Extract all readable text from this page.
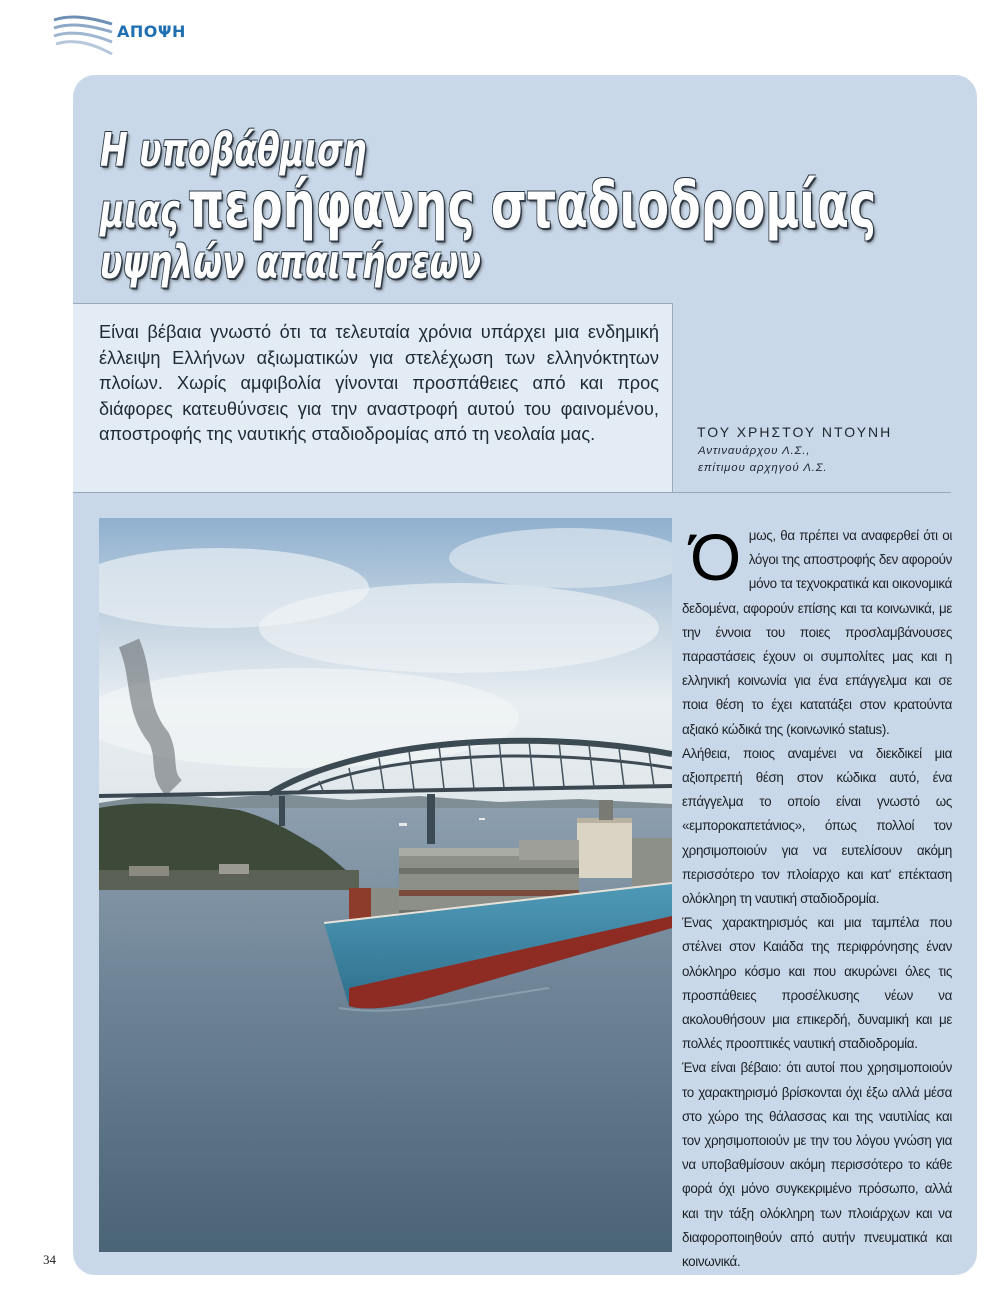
ΑΠΟΨΗ
Η υποβάθμιση
μιας περήφανης σταδιοδρομίας
υψηλών απαιτήσεων

Είναι βέβαια γνωστό ότι τα τελευταία χρόνια υπάρχει μια ενδημική έλλειψη Ελλήνων αξιωματικών για στελέχωση των ελληνόκτητων πλοίων. Χωρίς αμφιβολία γίνονται προσπάθειες από και προς διάφορες κατευθύνσεις για την αναστροφή αυτού του φαινομένου, αποστροφής της ναυτικής σταδιοδρομίας από τη νεολαία μας.	ΤΟΥ ΧΡΗΣΤΟΥ ΝΤΟΥΝΗ
Αντιναυάρχου Λ.Σ.,
επίτιμου αρχηγού Λ.Σ.
Ό μως, θα πρέπει να αναφερθεί ότι οι λόγοι της αποστροφής δεν αφορούν μόνο τα τεχνοκρατικά και οικονομικά δεδομένα, αφορούν επίσης και τα κοινωνικά, με την έννοια του ποιες προσλαμβάνουσες παραστάσεις έχουν οι συμπολίτες μας και η ελληνική κοινωνία για ένα επάγγελμα και σε ποια θέση το έχει κατατάξει στον κρατούντα αξιακό κώδικά της (κοινωνικό status).

Αλήθεια, ποιος αναμένει να διεκδικεί μια αξιοπρεπή θέση στον κώδικα αυτό, ένα επάγγελμα το οποίο είναι γνωστό ως «εμποροκαπετάνιος», όπως πολλοί τον χρησιμοποιούν για να ευτελίσουν ακόμη περισσότερο τον πλοίαρχο και κατ' επέκταση ολόκληρη τη ναυτική σταδιοδρομία.

Ένας χαρακτηρισμός και μια ταμπέλα που στέλνει στον Καιάδα της περιφρόνησης έναν ολόκληρο κόσμο και που ακυρώνει όλες τις προσπάθειες προσέλκυσης νέων να ακολουθήσουν μια επικερδή, δυναμική και με πολλές προοπτικές ναυτική σταδιοδρομία.

Ένα είναι βέβαιο: ότι αυτοί που χρησιμοποιούν το χαρακτηρισμό βρίσκονται όχι έξω αλλά μέσα στο χώρο της θάλασσας και της ναυτιλίας και τον χρησιμοποιούν με την του λόγου γνώση για να υποβαθμίσουν ακόμη περισσότερο το κάθε φορά όχι μόνο συγκεκριμένο πρόσωπο, αλλά και την τάξη ολόκληρη των πλοιάρχων και να διαφοροποιηθούν από αυτήν πνευματικά και κοινωνικά.

34
